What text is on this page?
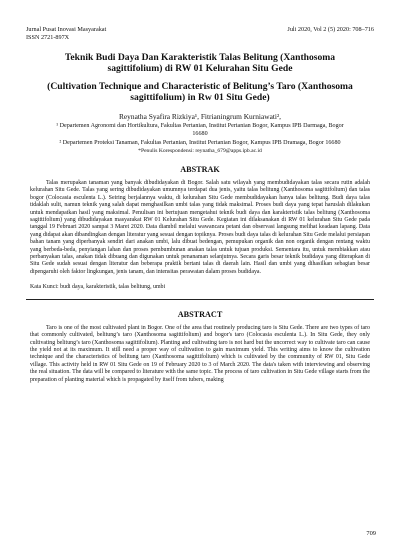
Jurnal Pusat Inovasi Masyarakat
ISSN 2721-897X
Juli 2020, Vol 2 (5) 2020: 708–716
Teknik Budi Daya Dan Karakteristik Talas Belitung (Xanthosoma sagittifolium) di RW 01 Kelurahan Situ Gede
(Cultivation Technique and Characteristic of Belitung’s Taro (Xanthosoma sagittifolium) in Rw 01 Situ Gede)
Reynatha Syafira Rizkiya¹, Fitrianingrum Kurniawati²,
¹ Departemen Agronomi dan Hortikultura, Fakultas Pertanian, Institut Pertanian Bogor, Kampus IPB Darmaga, Bogor 16680
² Departemen Proteksi Tanaman, Fakultas Pertanian, Institut Pertanian Bogor, Kampus IPB Dramaga, Bogor 16680
*Penulis Korespondensi: reynatha_679@apps.ipb.ac.id
ABSTRAK

Talas merupakan tanaman yang banyak dibudidayakan di Bogor. Salah satu wilayah yang membudidayakan talas secara rutin adalah kelurahan Situ Gede. Talas yang sering dibudidayakan umumnya terdapat dua jenis, yaitu talas belitung (Xanthosoma sagittifolium) dan talas bogor (Colocasia esculenta L.). Seiring berjalannya waktu, di kelurahan Situ Gede membudidayakan hanya talas belitung. Budi daya talas tidaklah sulit, namun teknik yang salah dapat menghasilkan umbi talas yang tidak maksimal. Proses budi daya yang tepat haruslah dilakukan untuk mendapatkan hasil yang maksimal. Penulisan ini bertujuan mengetahui teknik budi daya dan karakteristik talas belitung (Xanthosoma sagittifolium) yang dibudidayakan masyarakat RW 01 Kelurahan Situ Gede. Kegiatan ini dilaksanakan di RW 01 kelurahan Situ Gede pada tanggal 19 Februari 2020 sampai 3 Maret 2020. Data diambil melalui wawancara petani dan observasi langsung melihat keadaan lapang. Data yang didapat akan dibandingkan dengan literatur yang sesuai dengan topiknya. Proses budi daya talas di kelurahan Situ Gede melalui persiapan bahan tanam yang diperbanyak sendiri dari anakan umbi, lalu dibuat bedengan, pemupukan organik dan non organik dengan rentang waktu yang berbeda-beda, penyiangan lahan dan proses pembumbunan anakan talas untuk tujuan produksi. Sementara itu, untuk membiakkan atau perbanyakan talas, anakan tidak dibuang dan digunakan untuk penanaman selanjutnya. Secara garis besar teknik budidaya yang diterapkan di Situ Gede sudah sesuai dengan literatur dan beberapa praktik bertani talas di daerah lain. Hasil dan umbi yang dihasilkan sebagian besar dipengaruhi oleh faktor lingkungan, jenis tanam, dan intensitas perawatan dalam proses budidaya.

Kata Kunci: budi daya, karakteristik, talas belitung, umbi
ABSTRACT

Taro is one of the most cultivated plant in Bogor. One of the area that routinely producing taro is Situ Gede. There are two types of taro that commonly cultivated, belitung’s taro (Xanthosoma sagittifolium) and bogor's taro (Colocasia esculenta L.). In Situ Gede, they only cultivating belitung’s taro (Xanthosoma sagittifolium). Planting and cultivating taro is not hard but the uncorrect way to cultivate taro can cause the yield not at its maximum. It still need a proper way of cultivation to gain maximum yield. This writing aims to know the cultivation technique and the characteristics of belitung taro (Xanthosoma sagittifolium) which is cultivated by the community of RW 01, Situ Gede village. This activity held in RW 01 Situ Gede on 19 of February 2020 to 3 of March 2020. The data's taken with interviewing and observing the real situation. The data will be compared to literature with the same topic. The process of taro cultivation in Situ Gede village starts from the preparation of planting material which is propagated by itself from tubers, making

709
